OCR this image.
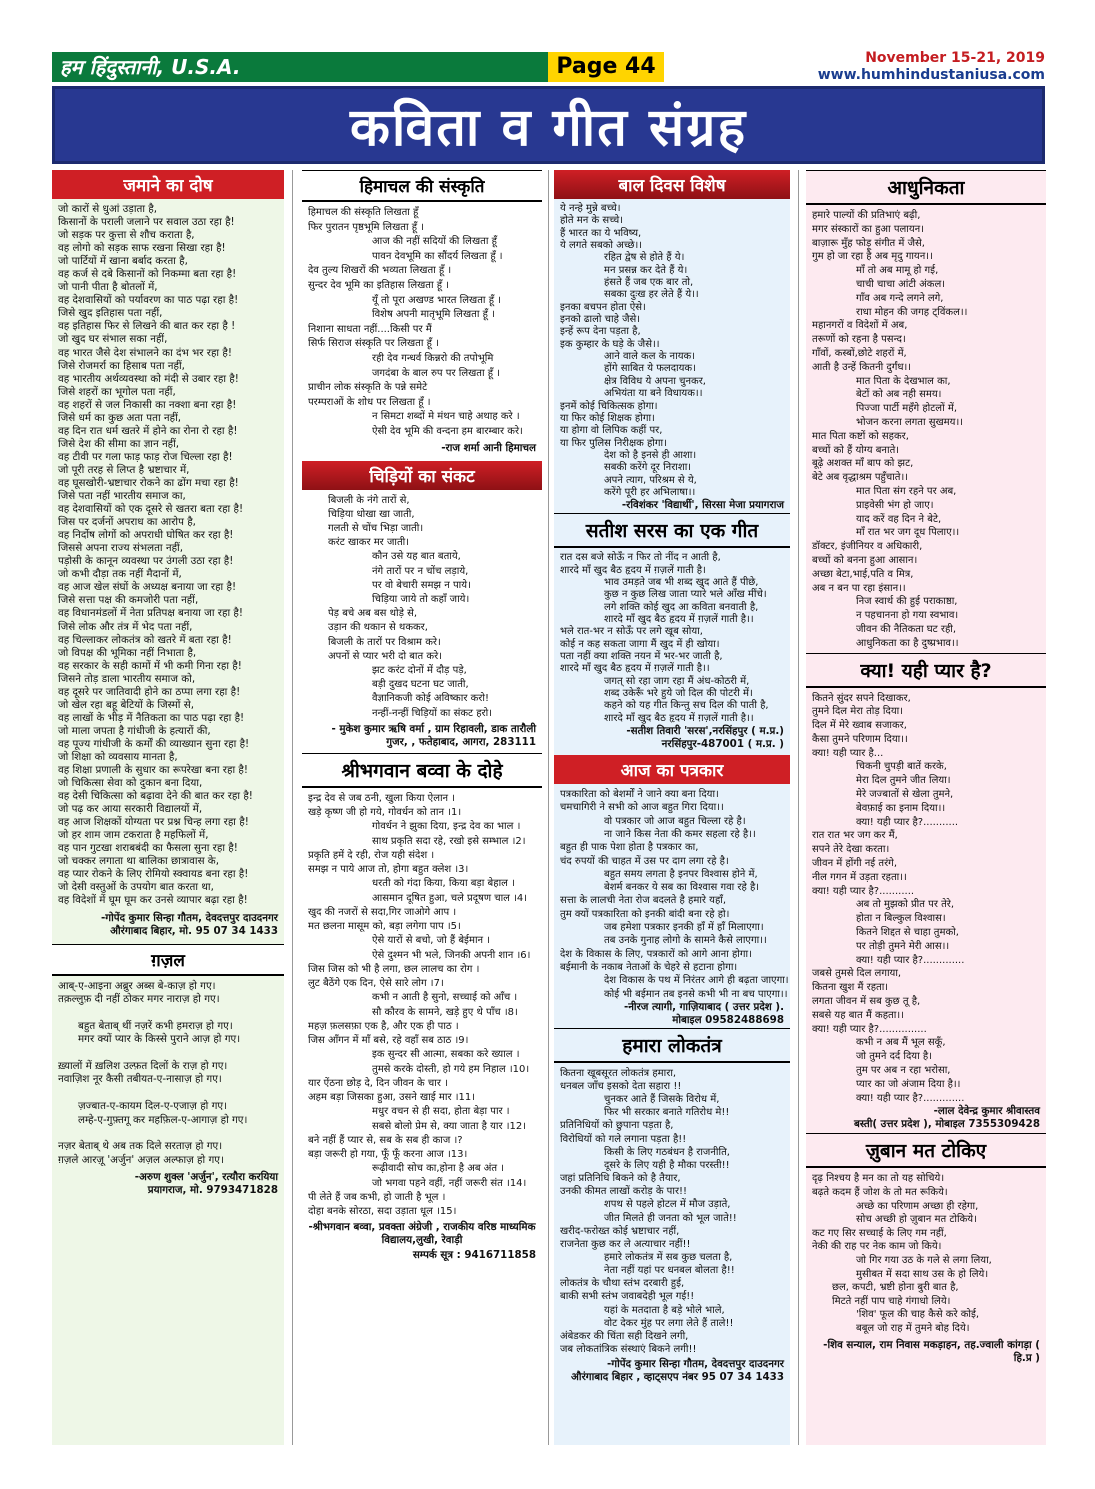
हम हिंदुस्तानी, U.S.A.	Page 44	November 15-21, 2019
www.humhindustaniusa.com
कविता व गीत संग्रह
जमाने का दोष
जो कारों से धुआं उड़ाता है,
किसानों के पराली जलाने पर सवाल उठा रहा है!
जो सड़क पर कुत्ता से शौच कराता है,
वह लोगो को सड़क साफ रखना सिखा रहा है!
जो पार्टियों में खाना बर्बाद करता है,
वह कर्ज से दबे किसानों को निकम्मा बता रहा है!
जो पानी पीता है बोतलों में,
वह देशवासियों को पर्यावरण का पाठ पढ़ा रहा है!
जिसे खुद इतिहास पता नहीं,
वह इतिहास फिर से लिखने की बात कर रहा है !
जो खुद घर संभाल सका नहीं,
वह भारत जैसे देश संभालने का दंभ भर रहा है!
जिसे रोजमर्रा का हिसाब पता नहीं,
वह भारतीय अर्थव्यवस्था को मंदी से उबार रहा है!
जिसे शहरों का भूगोल पता नहीं,
वह शहरों से जल निकासी का नक्शा बना रहा है!
जिसे धर्म का कुछ अता पता नहीं,
वह दिन रात धर्म खतरे में होने का रोना रो रहा है!
जिसे देश की सीमा का ज्ञान नहीं,
वह टीवी पर गला फाड़ फाड़ रोज चिल्ला रहा है!
जो पूरी तरह से लिप्त है भ्रष्टाचार में,
वह घूसखोरी-भ्रष्टाचार रोकने का ढोंग मचा रहा है!
जिसे पता नहीं भारतीय समाज का,
वह देशवासियों को एक दूसरे से खतरा बता रहा है!
जिस पर दर्जनों अपराध का आरोप है,
वह निर्दोष लोगों को अपराधी घोषित कर रहा है!
जिससे अपना राज्य संभलता नहीं,
पड़ोसी के कानून व्यवस्था पर उंगली उठा रहा है!
जो कभी दौड़ा तक नहीं मैदानों में,
वह आज खेल संघों के अध्यक्ष बनाया जा रहा है!
जिसे सत्ता पक्ष की कमजोरी पता नहीं,
वह विधानमंडलों में नेता प्रतिपक्ष बनाया जा रहा है!
जिसे लोक और तंत्र में भेद पता नहीं,
वह चिल्लाकर लोकतंत्र को खतरे में बता रहा है!
जो विपक्ष की भूमिका नहीं निभाता है,
वह सरकार के सही कामों में भी कमी गिना रहा है!
जिसने तोड़ डाला भारतीय समाज को,
वह दूसरे पर जातिवादी होने का ठप्पा लगा रहा है!
जो खेल रहा बहू बेटियों के जिस्मों से,
वह लाखों के भीड़ में नैतिकता का पाठ पढ़ा रहा है!
जो माला जपता है गांधीजी के हत्यारों की,
वह पूज्य गांधीजी के कर्मों की व्याख्यान सुना रहा है!
जो शिक्षा को व्यवसाय मानता है,
वह शिक्षा प्रणाली के सुधार का रूपरेखा बना रहा है!
जो चिकित्सा सेवा को दुकान बना दिया,
वह देसी चिकित्सा को बढ़ावा देने की बात कर रहा है!
जो पढ़ कर आया सरकारी विद्यालयों में,
वह आज शिक्षकों योग्यता पर प्रश्न चिन्ह लगा रहा है!
जो हर शाम जाम टकराता है महफिलों में,
वह पान गुटखा शराबबंदी का फैसला सुना रहा है!
जो चक्कर लगाता था बालिका छात्रावास के,
वह प्यार रोकने के लिए रोमियो स्क्वायड बना रहा है!
जो देसी वस्तुओं के उपयोग बात करता था,
वह विदेशों में घूम घूम कर उनसे व्यापार बढ़ा रहा है!
-गोपेंद कुमार सिन्हा गौतम, देवदत्तपुर दाउदनगर
औरंगाबाद बिहार, मो. 95 07 34 1433
ग़ज़ल
आब्-ए-आइना अब्रुर अब्स बे-काज़ हो गए।
तक़ल्लुफ़ दी नहीं ठोकर मगर नाराज़ हो गए।

बहुत बेताब् थीं नज़रें कभी हमराज़ हो गए।
मगर क्यों प्यार के किस्से पुराने आज़ हो गए।

ख़्यालों में ख़लिश उल्फ़त दिलों के राज़ हो गए।
नवाज़िश नूर कैसी तबीयत-ए-नासाज़ हो गए।

ज़ज्बात-ए-कायम दिल-ए-एजाज़ हो गए।
लम्हे-ए-गुफ़्तगू कर महफ़िल-ए-आगाज़ हो गए।

नज़र बेताब् थे अब तक दिले सरताज़ हो गए।
ग़ज़ले आरज़ू 'अर्जुन' अज़ल अल्फाज़ हो गए।
-अरुण शुक्ल 'अर्जुन', रत्यौरा करयिया
प्रयागराज, मो. 9793471828
हिमाचल की संस्कृति
हिमाचल की संस्कृति लिखता हूँ
फिर पुरातन पृष्ठभूमि लिखता हूँ ।
आज की नहीं सदियों की लिखता हूँ
पावन देवभूमि का सौंदर्य लिखता हूँ ।
देव तुल्य शिखरों की भव्यता लिखता हूँ ।
सुन्दर देव भूमि का इतिहास लिखता हूँ ।
यूँ तो पूरा अखण्ड भारत लिखता हूँ ।
विशेष अपनी मातृभूमि लिखता हूँ ।
निशाना साधता नहीं....किसी पर मैं
सिर्फ सिराज संस्कृति पर लिखता हूँ ।
रही देव गन्धर्व किन्नरो की तपोभूमि
जगदंबा के बाल रुप पर लिखता हूँ ।
प्राचीन लोक संस्कृति के पन्ने समेटे
परम्पराओं के शोध पर लिखता हूँ ।
न सिमटा शब्दों मे मंथन चाहे अथाह करे ।
ऐसी देव भूमि की वन्दना हम बारम्बार करे।
-राज शर्मा आनी हिमाचल
चिड़ियों का संकट
बिजली के नंगे तारों से,
चिड़िया धोखा खा जाती,
गलती से चोंच भिड़ा जाती।
करंट खाकर मर जाती।
कौन उसे यह बात बताये,
नंगे तारों पर न चोंच लड़ाये,
पर वो बेचारी समझ न पाये।
चिड़िया जाये तो कहाँ जाये।
पेड़ बचे अब बस थोड़े से,
उड़ान की थकान से थककर,
बिजली के तारों पर विश्राम करे।
अपनों से प्यार भरी दो बात करे।
झट करंट दोनों में दौड़ पड़े,
बड़ी दुखद घटना घट जाती,
वैज्ञानिकजी कोई अविष्कार करो!
नन्हीं-नन्हीं चिड़ियों का संकट हरो।
- मुकेश कुमार ऋषि वर्मा , ग्राम रिहावली, डाक तारौली गुजर, , फतेहाबाद, आगरा, 283111
श्रीभगवान बव्वा के दोहे
इन्द्र देव से जब ठनी, खुला किया ऐलान ।
खड़े कृष्ण जी हो गये, गोवर्धन को तान ।1।
गोवर्धन ने झुका दिया, इन्द्र देव का भाल ।
साथ प्रकृति सदा रहे, रखो इसे सम्भाल ।2।
प्रकृति हमें दे रही, रोज यही संदेश ।
समझ न पाये आज तो, होगा बहुत क्लेश ।3।
धरती को गंदा किया, किया बड़ा बेहाल ।
आसमान दूषित हुआ, चले प्रदूषण चाल ।4।
खुद की नजरों से सदा,गिर जाओगे आप ।
मत छलना मासूम को, बड़ा लगेगा पाप ।5।
ऐसे यारों से बचो, जो हैं बेईमान ।
ऐसे दुश्मन भी भले, जिनकी अपनी शान ।6।
जिस जिस को भी है लगा, छल लालच का रोग ।
लुट बैठेंगे एक दिन, ऐसे सारे लोग ।7।
कभी न आती है सुनो, सच्चाई को आँच ।
सौ कौरव के सामने, खड़े हुए थे पाँच ।8।
महज़ फ़लसफ़ा एक है, और एक ही पाठ ।
जिस आँगन में माँ बसे, रहे वहाँ सब ठाठ ।9।
इक सुन्दर सी आत्मा, सबका करे ख्याल ।
तुमसे करके दोस्ती, हो गये हम निहाल ।10।
यार ऐंठना छोड़ दे, दिन जीवन के चार ।
अहम बड़ा जिसका हुआ, उसने खाई मार ।11।
मधुर वचन से ही सदा, होता बेड़ा पार ।
सबसे बोलो प्रेम से, क्या जाता है यार ।12।
बने नहीं हैं प्यार से, सब के सब ही काज ।?
बड़ा जरूरी हो गया, फूँ फूँ करना आज ।13।
रूढ़ीवादी सोच का,होना है अब अंत ।
जो भगवा पहने वहीं, नहीं जरूरी संत ।14।
पी लेते हैं जब कभी, हो जाती है भूल ।
दोहा बनके सोरठा, सदा उड़ाता धूल ।15।
-श्रीभगवान बव्वा, प्रवक्ता अंग्रेजी , राजकीय वरिष्ठ माध्यमिक विद्यालय,लुखी, रेवाड़ी
सम्पर्क सूत्र : 9416711858
बाल दिवस विशेष
ये नन्हे मुन्ने बच्चे।
होते मन के सच्चे।
हैं भारत का ये भविष्य,
ये लगते सबको अच्छे।।
रहित द्वेष से होते हैं ये।
मन प्रसन्न कर देते हैं ये।
हंसते हैं जब एक बार तो,
सबका दुःख हर लेते हैं ये।।
इनका बचपन होता ऐसे।
इनको ढालो चाहे जैसे।
इन्हें रूप देना पड़ता है,
इक कुम्हार के घड़े के जैसे।।
आने वाले कल के नायक।
होंगे साबित ये फलदायक।
क्षेत्र विविध ये अपना चुनकर,
अभियंता या बने विधायक।।
इनमें कोई चिकित्सक होगा।
या फिर कोई शिक्षक होगा।
या होगा वो लिपिक कहीं पर,
या फिर पुलिस निरीक्षक होगा।
देश को है इनसे ही आशा।
सबकी करेंगे दूर निराशा।
अपने त्याग, परिश्रम से ये,
करेंगे पूरी हर अभिलाषा।।
-रविशंकर 'विद्यार्थी', सिरसा मेजा प्रयागराज
सतीश सरस का एक गीत
रात दस बजे सोऊँ न फिर तो नींद न आती है,
शारदे माँ खुद बैठ हृदय में ग़ज़लें गाती है।
भाव उमड़ते जब भी शब्द खुद आते हैं पीछे,
कुछ न कुछ लिख जाता प्यारे भले आँख मींचे।
लगे शक्ति कोई खुद आ कविता बनवाती है,
शारदे माँ खुद बैठ हृदय में ग़ज़लें गाती है।।
भले रात-भर न सोऊँ पर लगे खूब सोया,
कोई न कह सकता जागा मैं खुद में ही खोया।
पता नहीं क्या शक्ति नयन में भर-भर जाती है,
शारदे माँ खुद बैठ हृदय में ग़ज़लें गाती है।।
जगत् सो रहा जाग रहा मैं अंध-कोठरी में,
शब्द उकेरूँ भरे हुये जो दिल की पोटरी में।
कहने को यह गीत किन्तु सच दिल की पाती है,
शारदे माँ खुद बैठ हृदय में ग़ज़लें गाती है।।
-सतीश तिवारी 'सरस',नरसिंहपुर ( म.प्र.)
नरसिंहपुर-487001 ( म.प्र. )
आज का पत्रकार
पत्रकारिता को बेशर्मों ने जाने क्या बना दिया।
चमचागिरी ने सभी को आज बहुत गिरा दिया।।
वो पत्रकार जो आज बहुत चिल्ला रहे है।
ना जाने किस नेता की कमर सहला रहे है।।
बहुत ही पाक पेशा होता है पत्रकार का,
चंद रुपयों की चाहत में उस पर दाग लगा रहे है।
बहुत समय लगता है इनपर विश्वास होने में,
बेशर्म बनकर ये सब का विश्वास गवा रहे है।
सत्ता के लालची नेता रोज बदलते है हमारे यहाँ,
तुम क्यों पत्रकारिता को इनकी बांदी बना रहे हो।
जब हमेशा पत्रकार इनकी हाँ में हाँ मिलाएगा।
तब उनके गुनाह लोगो के सामने कैसे लाएगा।।
देश के विकास के लिए, पत्रकारों को आगे आना होगा।
बईमानी के नकाब नेताओं के चेहरे से हटाना होगा।
देश विकास के पथ में निरंतर आगे ही बढ़ता जाएगा।
कोई भी बईमान तब इनसे कभी भी ना बच पाएगा।।
-नीरज त्यागी, गाज़ियाबाद ( उत्तर प्रदेश ).
मोबाइल 09582488698
हमारा लोकतंत्र
कितना खूबसूरत लोकतंत्र हमारा,
धनबल जाँच इसको देता सहारा !!
चुनकर आते हैं जिसके विरोध में,
फिर भी सरकार बनाते गतिरोध मे!!
प्रतिनिधियों को छुपाना पड़ता है,
विरोधियों को गले लगाना पड़ता है!!
किसी के लिए गठबंधन है राजनीति,
दूसरे के लिए यही है मौका परस्ती!!
जहां प्रतिनिधि बिकने को है तैयार,
उनकी कीमत लाखों करोड़ के पार!!
शपथ से पहले होटल में मौज उड़ाते,
जीत मिलते ही जनता को भूल जाते!!
खरीद-फरोख्त कोई भ्रष्टाचार नहीं,
राजनेता कुछ कर ले अत्याचार नहीं!!
हमारे लोकतंत्र में सब कुछ चलता है,
नेता नहीं यहां पर धनबल बोलता है!!
लोकतंत्र के चौथा स्तंभ दरबारी हुई,
बाकी सभी स्तंभ जवाबदेही भूल गई!!
यहां के मतदाता है बड़े भोले भाले,
वोट देकर मुंह पर लगा लेते हैं ताले!!
अंबेडकर की चिंता सही दिखने लगी,
जब लोकतांत्रिक संस्थाएं बिकने लगी!!
-गोपेंद कुमार सिन्हा गौतम, देवदत्तपुर दाउदनगर
औरंगाबाद बिहार , व्हाट्सएप नंबर 95 07 34 1433
आधुनिकता
हमारे पाल्यों की प्रतिभाएं बढ़ी,
मगर संस्कारों का हुआ पलायन।
बाज़ारू मुँह फोड़ू संगीत में जैसे,
गुम हो जा रहा है अब मृदु गायन।।
माँ तो अब मामू हो गई,
चाची चाचा आंटी अंकल।
गाँव अब गन्दे लगने लगे,
राधा मोहन की जगह ट्विंकल।।
महानगरों व विदेशों में अब,
तरूणों को रहना है पसन्द।
गाँवों, कस्बों,छोटे शहरों में,
आती है उन्हें कितनी दुर्गंध।।
मात पिता के देखभाल का,
बेटों को अब नही समय।
पिज्जा पार्टी महँगे होटलों में,
भोजन करना लगता सुखमय।।
मात पिता कष्टों को सहकर,
बच्चों को हैं योग्य बनाते।
बूढ़े अशक्त माँ बाप को झट,
बेटे अब वृद्धाश्रम पहुँचाते।।
मात पिता संग रहने पर अब,
प्राइवेसी भंग हो जाए।
याद करें वह दिन ने बेटे,
माँ रात भर जग दूध पिलाए।।
डॉक्टर, इंजीनियर व अधिकारी,
बच्चों को बनना हुआ आसान।
अच्छा बेटा,भाई,पति व मित्र,
अब न बन पा रहा इंसान।।
निज स्वार्थ की हुई पराकाष्ठा,
न पहचानना हो गया स्वभाव।
जीवन की नैतिकता घट रही,
आधुनिकता का है दुष्प्रभाव।।
क्या! यही प्यार है?
कितने सुंदर सपने दिखाकर,
तुमने दिल मेरा तोड़ दिया।
दिल में मेरे ख्वाब सजाकर,
कैसा तुमने परिणाम दिया।।
क्या! यही प्यार है...
चिकनी चुपड़ी बातें करके,
मेरा दिल तुमने जीत लिया।
मेरे जज्बातों से खेला तुमने,
बेवफ़ाई का इनाम दिया।।
क्या! यही प्यार है?...........
रात रात भर जग कर मैं,
सपने तेरे देखा करता।
जीवन में होंगी नई तरंगे,
नील गगन में उड़ता रहता।।
क्या! यही प्यार है?...........
अब तो मुझको प्रीत पर तेरे,
होता न बिल्कुल विश्वास।
कितने शिद्दत से चाहा तुमको,
पर तोड़ी तुमने मेरी आस।।
क्या! यही प्यार है?.............
जबसे तुमसे दिल लगाया,
कितना खुश मैं रहता।
लगता जीवन में सब कुछ तू है,
सबसे यह बात मैं कहता।।
क्या! यही प्यार है?...............
कभी न अब मैं भूल सकूँ,
जो तुमने दर्द दिया है।
तुम पर अब न रहा भरोसा,
प्यार का जो अंजाम दिया है।।
क्या! यही प्यार है?.............
-लाल देवेन्द्र कुमार श्रीवास्तव
बस्ती( उत्तर प्रदेश ), मोबाइल 7355309428
ज़ुबान मत टोकिए
दृढ़ निश्चय है मन का तो यह सोचिये।
बढ़ते कदम हैं जोश के तो मत रूकिये।
अच्छे का परिणाम अच्छा ही रहेगा,
सोच अच्छी हो ज़ुबान मत टोकिये।
कट गए सिर सच्चाई के लिए गम नहीं,
नेकी की राह पर नेक काम जो किये।
जो गिर गया उठ के गले से लगा लिया,
मुसीबत में सदा साथ उस के हो लिये।
छल, कपटी, भ्रष्टी होना बुरी बात है,
मिटते नहीं पाप चाहे गंगाधो लिये।
'शिव' फूल की चाह कैसे करे कोई,
बबूल जो राह में तुमने बोह दिये।
-शिव सन्याल, राम निवास मकड़ाहन, तह.ज्वाली कांगड़ा ( हि.प्र )
